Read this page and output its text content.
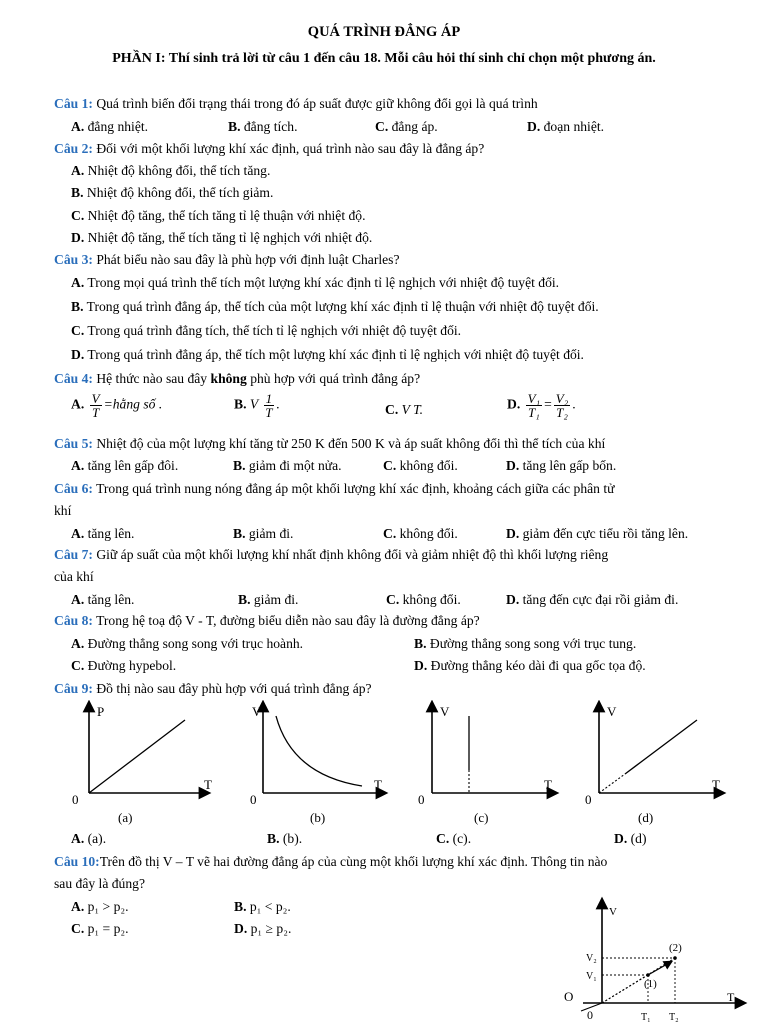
QUÁ TRÌNH ĐẲNG ÁP
PHẦN I: Thí sinh trả lời từ câu 1 đến câu 18. Mỗi câu hỏi thí sinh chỉ chọn một phương án.
Câu 1: Quá trình biến đổi trạng thái trong đó áp suất được giữ không đổi gọi là quá trình
A. đẳng nhiệt.	B. đẳng tích.	C. đẳng áp.	D. đoạn nhiệt.
Câu 2: Đối với một khối lượng khí xác định, quá trình nào sau đây là đẳng áp?
A. Nhiệt độ không đổi, thể tích tăng.
B. Nhiệt độ không đổi, thể tích giảm.
C. Nhiệt độ tăng, thể tích tăng tỉ lệ thuận với nhiệt độ.
D. Nhiệt độ tăng, thể tích tăng tỉ lệ nghịch với nhiệt độ.
Câu 3: Phát biểu nào sau đây là phù hợp với định luật Charles?
A. Trong mọi quá trình thể tích một lượng khí xác định tỉ lệ nghịch với nhiệt độ tuyệt đối.
B. Trong quá trình đẳng áp, thể tích của một lượng khí xác định tỉ lệ thuận với nhiệt độ tuyệt đối.
C. Trong quá trình đẳng tích, thể tích tỉ lệ nghịch với nhiệt độ tuyệt đối.
D. Trong quá trình đẳng áp, thể tích một lượng khí xác định tỉ lệ nghịch với nhiệt độ tuyệt đối.
Câu 4: Hệ thức nào sau đây không phù hợp với quá trình đẳng áp?
A. $\frac{V}{T}$ =hằng số .	B. V $\frac{1}{T}$ .	C. V T.	D. $\frac{\text{V₁}}{\text{T₁}} = \frac{\text{V₂}}{\text{T₂}}$ .
Câu 5: Nhiệt độ của một lượng khí tăng từ 250 K đến 500 K và áp suất không đổi thì thể tích của khí
A. tăng lên gấp đôi.	B. giảm đi một nửa.	C. không đổi.	D. tăng lên gấp bốn.
Câu 6: Trong quá trình nung nóng đẳng áp một khối lượng khí xác định, khoảng cách giữa các phân tử
khí
A. tăng lên.	B. giảm đi.	C. không đổi.	D. giảm đến cực tiểu rồi tăng lên.
Câu 7: Giữ áp suất của một khối lượng khí nhất định không đổi và giảm nhiệt độ thì khối lượng riêng
của khí
A. tăng lên.	B. giảm đi.	C. không đổi.	D. tăng đến cực đại rồi giảm đi.
Câu 8: Trong hệ toạ độ V - T, đường biểu diễn nào sau đây là đường đẳng áp?
A. Đường thẳng song song với trục hoành.	B. Đường thẳng song song với trục tung.
C. Đường hypebol.	D. Đường thẳng kéo dài đi qua gốc tọa độ.
Câu 9: Đồ thị nào sau đây phù hợp với quá trình đẳng áp?
P
T
0
(a)
V
T
0
(b)
V
T
0
(c)
V
T
0
(d)
A. (a).	B. (b).	C. (c).	D. (d)
Câu 10:Trên đồ thị V – T vẽ hai đường đẳng áp của cùng một khối lượng khí xác định. Thông tin nào
sau đây là đúng?
A. p₁ > p₂.	B. p₁ < p₂.
C. p₁ = p₂.	D. p₁ ≥ p₂.
V
T
O
0
V₂
V₁
T₁ T₂
(2)
(1)
